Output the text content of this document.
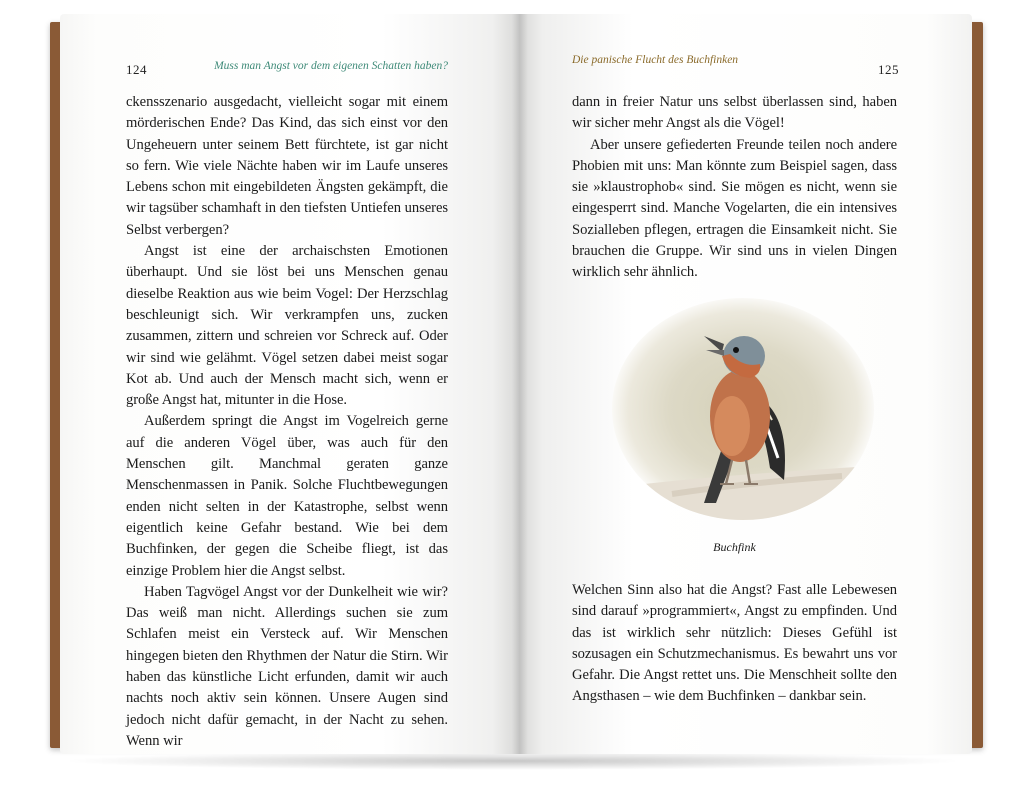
124	Muss man Angst vor dem eigenen Schatten haben?

ckensszenario ausgedacht, vielleicht sogar mit einem mörderischen Ende? Das Kind, das sich einst vor den Ungeheuern unter seinem Bett fürchtete, ist gar nicht so fern. Wie viele Nächte haben wir im Laufe unseres Lebens schon mit eingebildeten Ängsten gekämpft, die wir tagsüber schamhaft in den tiefsten Untiefen unseres Selbst verbergen?

Angst ist eine der archaischsten Emotionen überhaupt. Und sie löst bei uns Menschen genau dieselbe Reaktion aus wie beim Vogel: Der Herzschlag beschleunigt sich. Wir verkrampfen uns, zucken zusammen, zittern und schreien vor Schreck auf. Oder wir sind wie gelähmt. Vögel setzen dabei meist sogar Kot ab. Und auch der Mensch macht sich, wenn er große Angst hat, mitunter in die Hose.

Außerdem springt die Angst im Vogelreich gerne auf die anderen Vögel über, was auch für den Menschen gilt. Manchmal geraten ganze Menschenmassen in Panik. Solche Fluchtbewegungen enden nicht selten in der Katastrophe, selbst wenn eigentlich keine Gefahr bestand. Wie bei dem Buchfinken, der gegen die Scheibe fliegt, ist das einzige Problem hier die Angst selbst.

Haben Tagvögel Angst vor der Dunkelheit wie wir? Das weiß man nicht. Allerdings suchen sie zum Schlafen meist ein Versteck auf. Wir Menschen hingegen bieten den Rhythmen der Natur die Stirn. Wir haben das künstliche Licht erfunden, damit wir auch nachts noch aktiv sein können. Unsere Augen sind jedoch nicht dafür gemacht, in der Nacht zu sehen. Wenn wir

Die panische Flucht des Buchfinken
125

dann in freier Natur uns selbst überlassen sind, haben wir sicher mehr Angst als die Vögel!

Aber unsere gefiederten Freunde teilen noch andere Phobien mit uns: Man könnte zum Beispiel sagen, dass sie »klaustrophob« sind. Sie mögen es nicht, wenn sie eingesperrt sind. Manche Vogelarten, die ein intensives Sozialleben pflegen, ertragen die Einsamkeit nicht. Sie brauchen die Gruppe. Wir sind uns in vielen Dingen wirklich sehr ähnlich.

Buchfink

Welchen Sinn also hat die Angst? Fast alle Lebewesen sind darauf »programmiert«, Angst zu empfinden. Und das ist wirklich sehr nützlich: Dieses Gefühl ist sozusagen ein Schutzmechanismus. Es bewahrt uns vor Gefahr. Die Angst rettet uns. Die Menschheit sollte den Angsthasen – wie dem Buchfinken – dankbar sein.
